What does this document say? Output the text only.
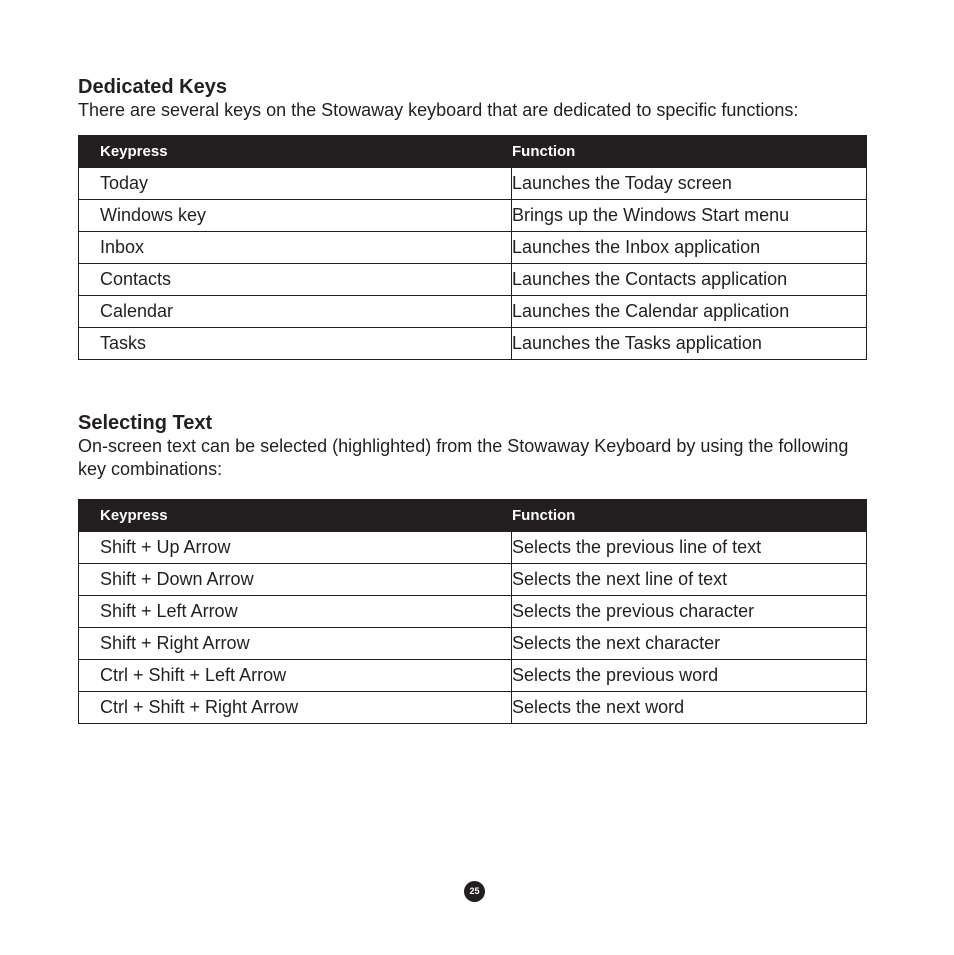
Dedicated Keys

There are several keys on the Stowaway keyboard that are dedicated to specific functions:

Keypress	Function
Today	Launches the Today screen
Windows key	Brings up the Windows Start menu
Inbox	Launches the Inbox application
Contacts	Launches the Contacts application
Calendar	Launches the Calendar application
Tasks	Launches the Tasks application
Selecting Text

On-screen text can be selected (highlighted) from the Stowaway Keyboard by using the following key combinations:

Keypress	Function
Shift + Up Arrow	Selects the previous line of text
Shift + Down Arrow	Selects the next line of text
Shift + Left Arrow	Selects the previous character
Shift + Right Arrow	Selects the next character
Ctrl + Shift + Left Arrow	Selects the previous word
Ctrl + Shift + Right Arrow	Selects the next word
25
